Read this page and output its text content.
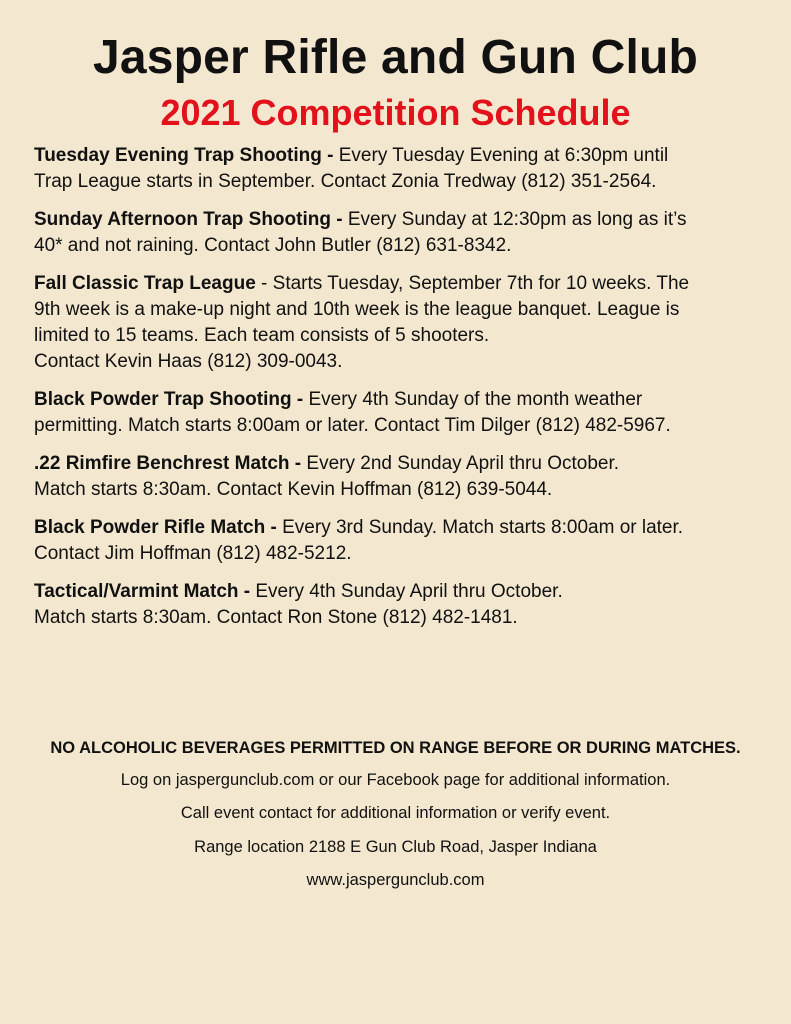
Jasper Rifle and Gun Club
2021 Competition Schedule
Tuesday Evening Trap Shooting - Every Tuesday Evening at 6:30pm until
Trap League starts in September. Contact Zonia Tredway (812) 351-2564.
Sunday Afternoon Trap Shooting - Every Sunday at 12:30pm as long as it’s
40* and not raining. Contact John Butler (812) 631-8342.
Fall Classic Trap League - Starts Tuesday, September 7th for 10 weeks. The
9th week is a make-up night and 10th week is the league banquet. League is
limited to 15 teams. Each team consists of 5 shooters.
Contact Kevin Haas (812) 309-0043.
Black Powder Trap Shooting - Every 4th Sunday of the month weather
permitting. Match starts 8:00am or later. Contact Tim Dilger (812) 482-5967.
.22 Rimfire Benchrest Match - Every 2nd Sunday April thru October.
Match starts 8:30am. Contact Kevin Hoffman (812) 639-5044.
Black Powder Rifle Match - Every 3rd Sunday. Match starts 8:00am or later.
Contact Jim Hoffman (812) 482-5212.
Tactical/Varmint Match - Every 4th Sunday April thru October.
Match starts 8:30am. Contact Ron Stone (812) 482-1481.
NO ALCOHOLIC BEVERAGES PERMITTED ON RANGE BEFORE OR DURING MATCHES.
Log on jaspergunclub.com or our Facebook page for additional information.
Call event contact for additional information or verify event.
Range location 2188 E Gun Club Road, Jasper Indiana
www.jaspergunclub.com
